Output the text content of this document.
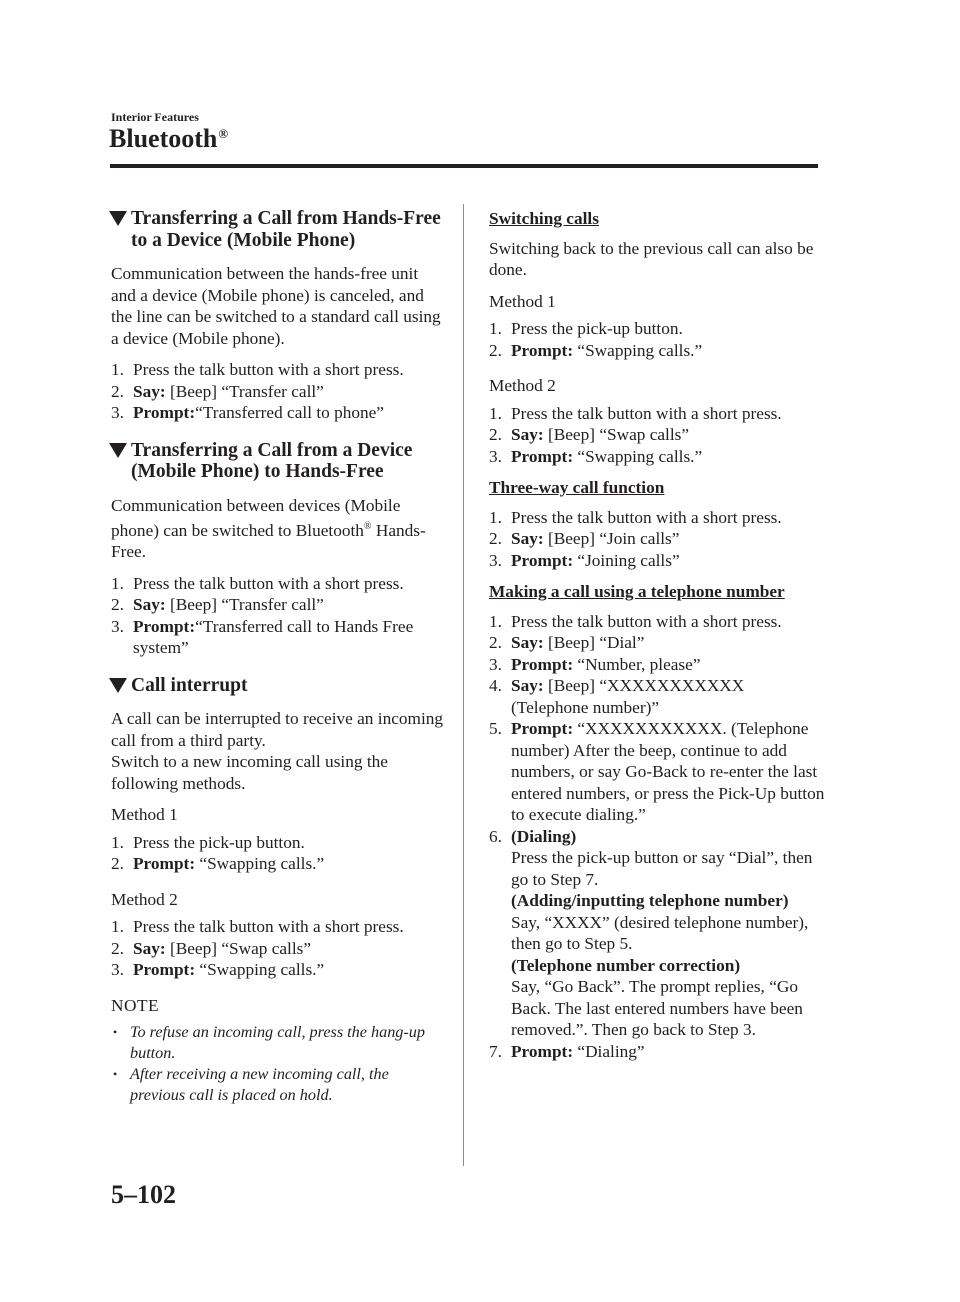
Interior Features
Bluetooth®
Transferring a Call from Hands-Free to a Device (Mobile Phone)
Communication between the hands-free unit and a device (Mobile phone) is canceled, and the line can be switched to a standard call using a device (Mobile phone).
1. Press the talk button with a short press.
2. Say: [Beep] “Transfer call”
3. Prompt:“Transferred call to phone”
Transferring a Call from a Device (Mobile Phone) to Hands-Free
Communication between devices (Mobile phone) can be switched to Bluetooth® Hands-Free.
1. Press the talk button with a short press.
2. Say: [Beep] “Transfer call”
3. Prompt:“Transferred call to Hands Free system”
Call interrupt
A call can be interrupted to receive an incoming call from a third party.
Switch to a new incoming call using the following methods.
Method 1
1. Press the pick-up button.
2. Prompt: “Swapping calls.”
Method 2
1. Press the talk button with a short press.
2. Say: [Beep] “Swap calls”
3. Prompt: “Swapping calls.”
NOTE
• To refuse an incoming call, press the hang-up button.
• After receiving a new incoming call, the previous call is placed on hold.
Switching calls
Switching back to the previous call can also be done.
Method 1
1. Press the pick-up button.
2. Prompt: “Swapping calls.”
Method 2
1. Press the talk button with a short press.
2. Say: [Beep] “Swap calls”
3. Prompt: “Swapping calls.”
Three-way call function
1. Press the talk button with a short press.
2. Say: [Beep] “Join calls”
3. Prompt: “Joining calls”
Making a call using a telephone number
1. Press the talk button with a short press.
2. Say: [Beep] “Dial”
3. Prompt: “Number, please”
4. Say: [Beep] “XXXXXXXXXXX (Telephone number)”
5. Prompt: “XXXXXXXXXXX. (Telephone number) After the beep, continue to add numbers, or say Go-Back to re-enter the last entered numbers, or press the Pick-Up button to execute dialing.”
6. (Dialing)
Press the pick-up button or say “Dial”, then go to Step 7.
(Adding/inputting telephone number)
Say, “XXXX” (desired telephone number), then go to Step 5.
(Telephone number correction)
Say, “Go Back”. The prompt replies, “Go Back. The last entered numbers have been removed.”. Then go back to Step 3.
7. Prompt: “Dialing”
5–102
